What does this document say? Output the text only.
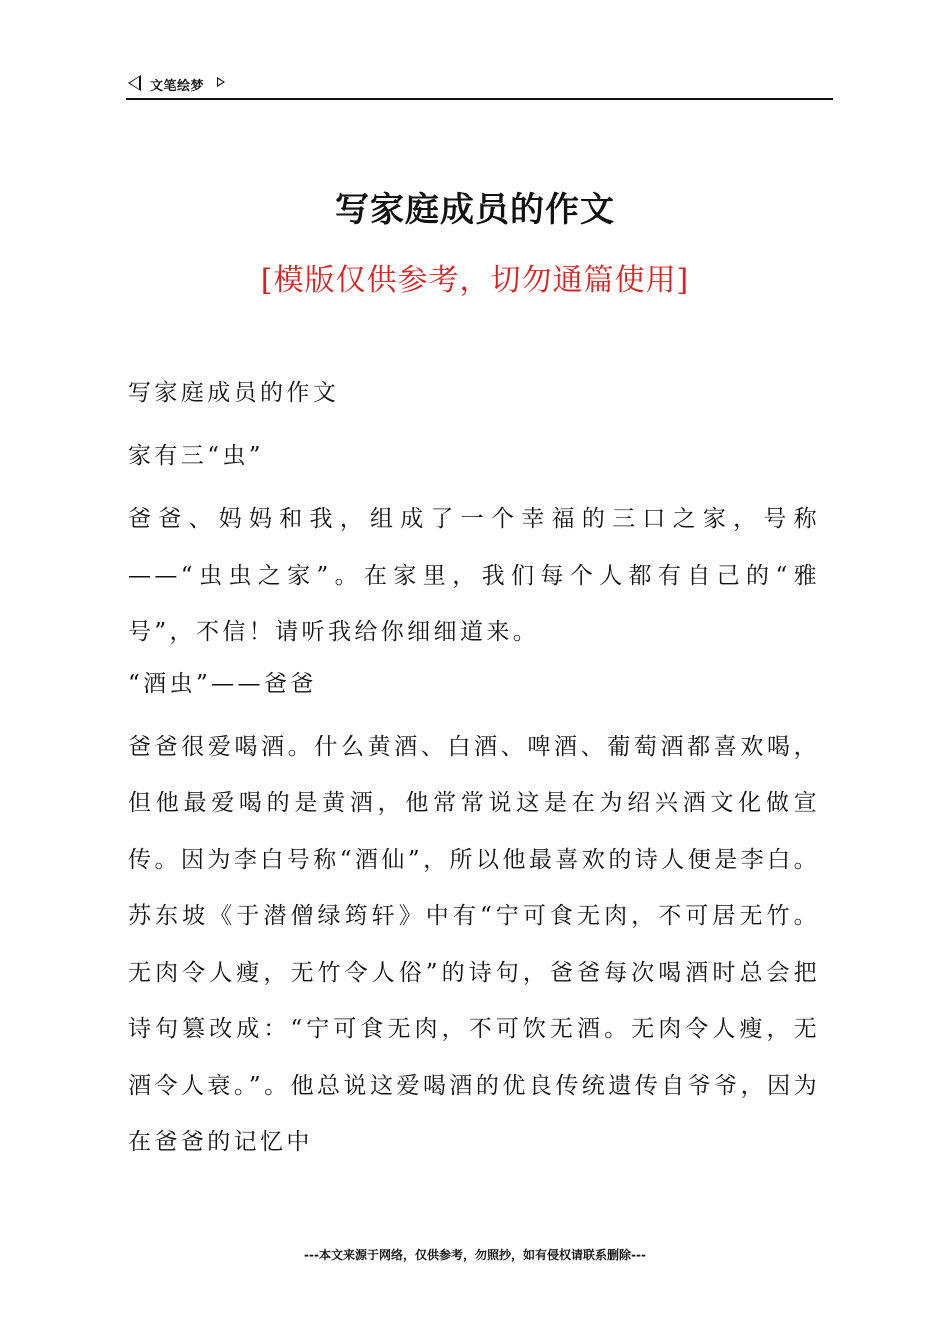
文笔绘梦
写家庭成员的作文
[模版仅供参考，切勿通篇使用]

写家庭成员的作文

家有三“虫”

爸爸、妈妈和我，组成了一个幸福的三口之家，号称——“虫虫之家”。在家里，我们每个人都有自己的“雅号”，不信！请听我给你细细道来。

“酒虫”——爸爸

爸爸很爱喝酒。什么黄酒、白酒、啤酒、葡萄酒都喜欢喝，但他最爱喝的是黄酒，他常常说这是在为绍兴酒文化做宣传。因为李白号称“酒仙”，所以他最喜欢的诗人便是李白。苏东坡《于潜僧绿筠轩》中有“宁可食无肉，不可居无竹。无肉令人瘦，无竹令人俗”的诗句，爸爸每次喝酒时总会把诗句篡改成：“宁可食无肉，不可饮无酒。无肉令人瘦，无酒令人衰。”。他总说这爱喝酒的优良传统遗传自爷爷，因为在爸爸的记忆中

---本文来源于网络，仅供参考，勿照抄，如有侵权请联系删除---
